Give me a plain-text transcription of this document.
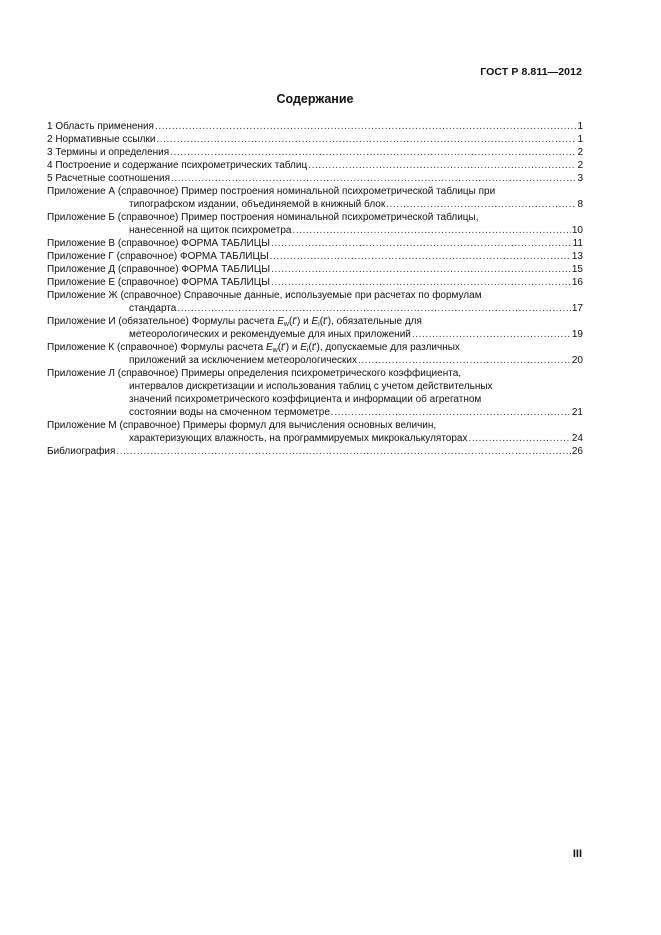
ГОСТ Р 8.811—2012
Содержание
1 Область применения .....	1
2 Нормативные ссылки .....	1
3 Термины и определения .....	2
4 Построение и содержание психрометрических таблиц .....	2
5 Расчетные соотношения .....	3
Приложение А (справочное) Пример построения номинальной психрометрической таблицы при
типографском издании, объединяемой в книжный блок .....	8
Приложение Б (справочное) Пример построения номинальной психрометрической таблицы,
нанесенной на щиток психрометра .....	10
Приложение В (справочное) ФОРМА ТАБЛИЦЫ .....	11
Приложение Г (справочное) ФОРМА ТАБЛИЦЫ .....	13
Приложение Д (справочное) ФОРМА ТАБЛИЦЫ .....	15
Приложение Е (справочное) ФОРМА ТАБЛИЦЫ .....	16
Приложение Ж (справочное) Справочные данные, используемые при расчетах по формулам
стандарта .....	17
Приложение И (обязательное) Формулы расчета $E_w(t')$ и $E_i(t')$, обязательные для
метеорологических и рекомендуемые для иных приложений .....	19
Приложение К (справочное) Формулы расчета $E_w(t')$ и $E_i(t')$, допускаемые для различных
приложений за исключением метеорологических .....	20
Приложение Л (справочное) Примеры определения психрометрического коэффициента,
интервалов дискретизации и использования таблиц с учетом действительных
значений психрометрического коэффициента и информации об агрегатном
состоянии воды на смоченном термометре .....	21
Приложение М (справочное) Примеры формул для вычисления основных величин,
характеризующих влажность, на программируемых микрокалькуляторах .....	24
Библиография .....	26
III
